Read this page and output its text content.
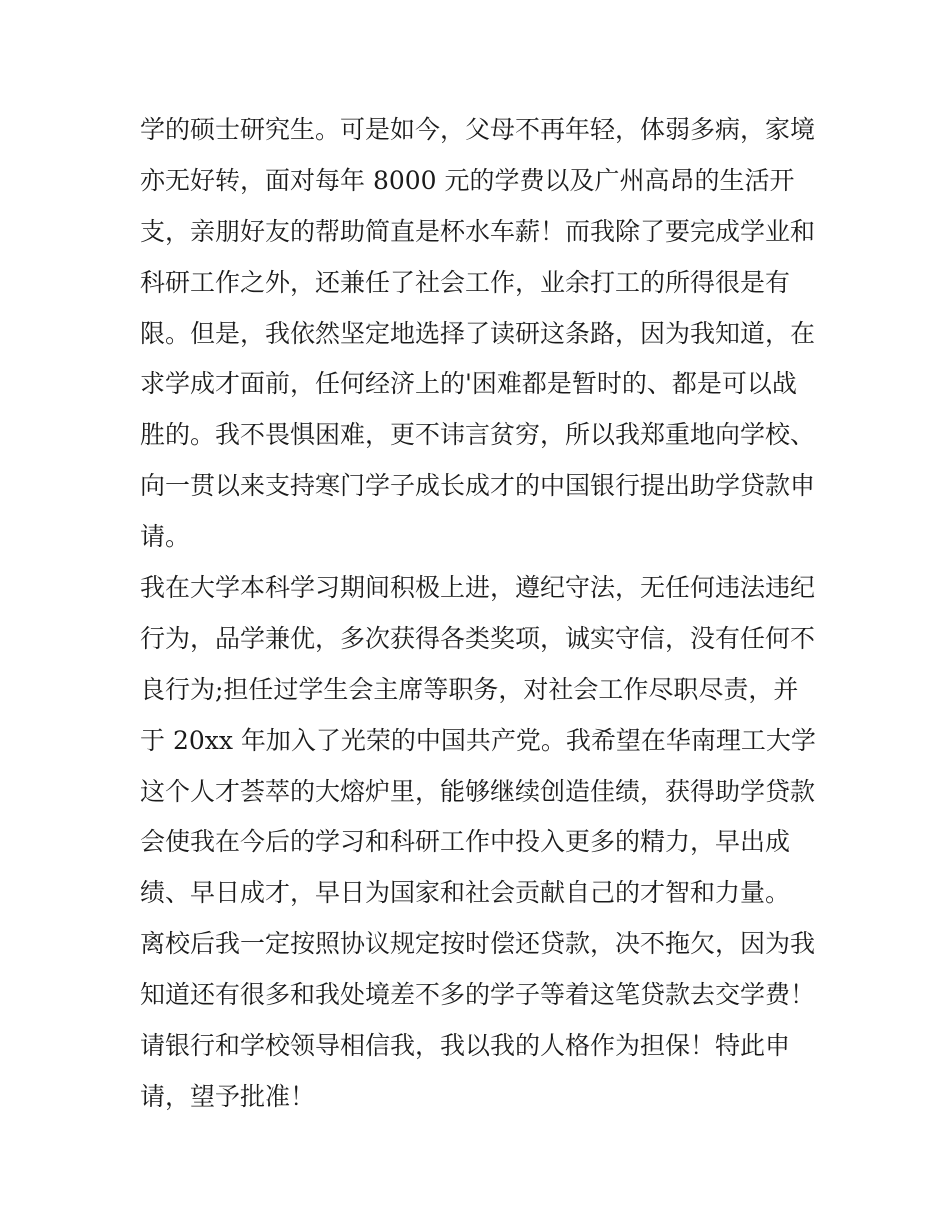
学的硕士研究生。可是如今，父母不再年轻，体弱多病，家境
亦无好转，面对每年 8000 元的学费以及广州高昂的生活开
支，亲朋好友的帮助简直是杯水车薪！而我除了要完成学业和
科研工作之外，还兼任了社会工作，业余打工的所得很是有
限。但是，我依然坚定地选择了读研这条路，因为我知道，在
求学成才面前，任何经济上的'困难都是暂时的、都是可以战
胜的。我不畏惧困难，更不讳言贫穷，所以我郑重地向学校、
向一贯以来支持寒门学子成长成才的中国银行提出助学贷款申
请。
我在大学本科学习期间积极上进，遵纪守法，无任何违法违纪
行为，品学兼优，多次获得各类奖项，诚实守信，没有任何不
良行为;担任过学生会主席等职务，对社会工作尽职尽责，并
于 20xx 年加入了光荣的中国共产党。我希望在华南理工大学
这个人才荟萃的大熔炉里，能够继续创造佳绩，获得助学贷款
会使我在今后的学习和科研工作中投入更多的精力，早出成
绩、早日成才，早日为国家和社会贡献自己的才智和力量。
离校后我一定按照协议规定按时偿还贷款，决不拖欠，因为我
知道还有很多和我处境差不多的学子等着这笔贷款去交学费！
请银行和学校领导相信我，我以我的人格作为担保！特此申
请，望予批准！
